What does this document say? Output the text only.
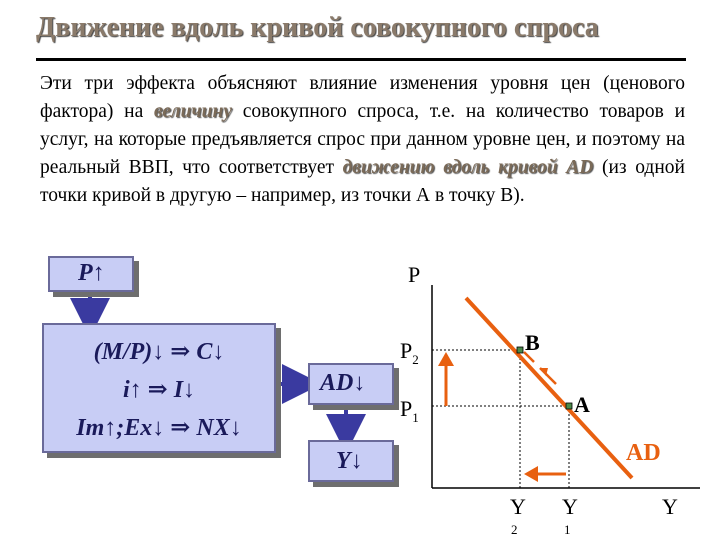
Движение вдоль кривой совокупного спроса
Эти три эффекта объясняют влияние изменения уровня цен (ценового фактора) на величину совокупного спроса, т.е. на количество товаров и услуг, на которые предъявляется спрос при данном уровне цен, и поэтому на реальный ВВП, что соответствует движению вдоль кривой AD (из одной точки кривой в другую – например, из точки А в точку В).
P↑
(M/P)↓ ⇒ C↓
i↑ ⇒ I↓
Im↑;Ex↓ ⇒ NX↓
AD↓
Y↓
P
$P_2$
$P_1$
B
A
AD
Y
2
Y
1
Y
